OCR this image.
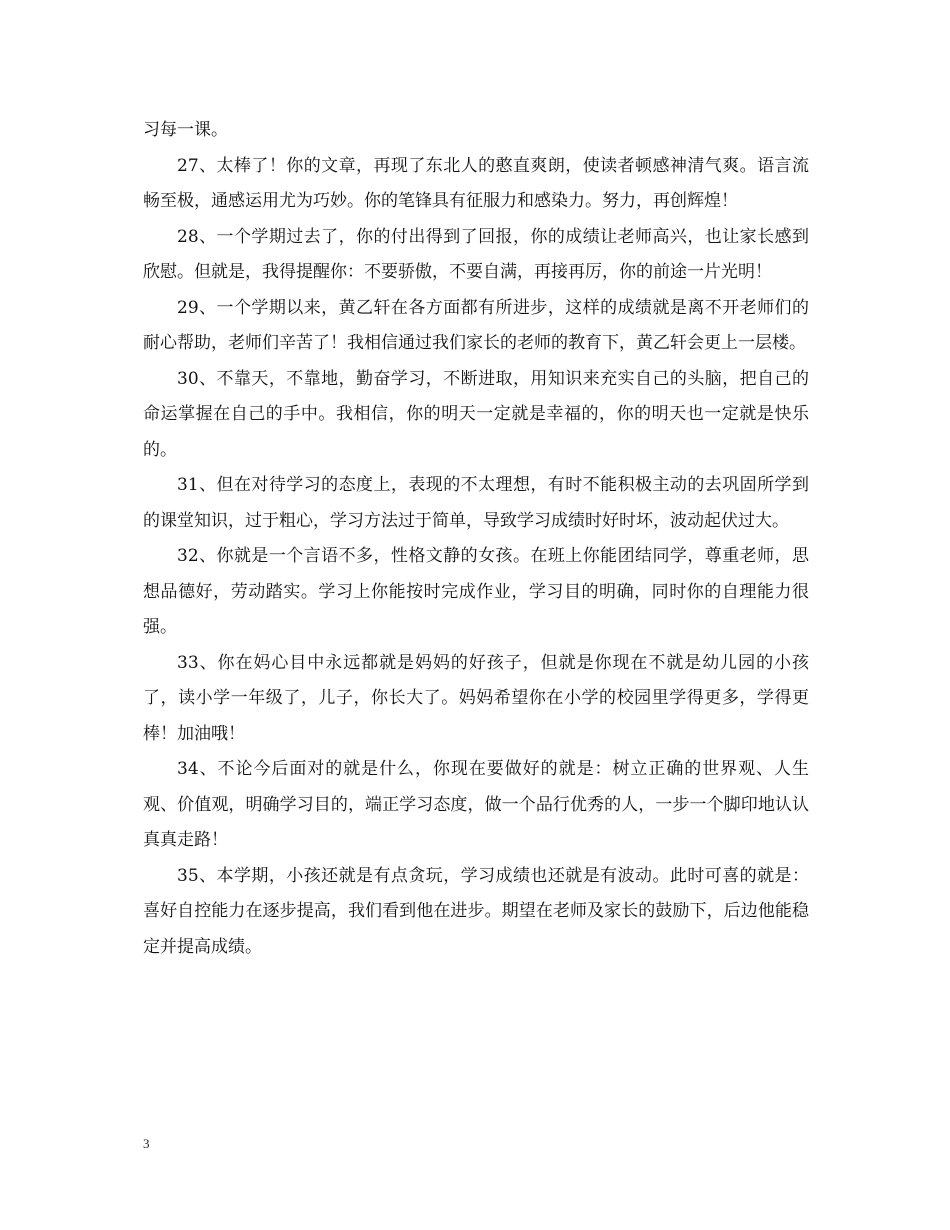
习每一课。

27、太棒了！你的文章，再现了东北人的憨直爽朗，使读者顿感神清气爽。语言流畅至极，通感运用尤为巧妙。你的笔锋具有征服力和感染力。努力，再创辉煌！

28、一个学期过去了，你的付出得到了回报，你的成绩让老师高兴，也让家长感到欣慰。但就是，我得提醒你：不要骄傲，不要自满，再接再厉，你的前途一片光明！

29、一个学期以来，黄乙轩在各方面都有所进步，这样的成绩就是离不开老师们的耐心帮助，老师们辛苦了！我相信通过我们家长的老师的教育下，黄乙轩会更上一层楼。

30、不靠天，不靠地，勤奋学习，不断进取，用知识来充实自己的头脑，把自己的命运掌握在自己的手中。我相信，你的明天一定就是幸福的，你的明天也一定就是快乐的。

31、但在对待学习的态度上，表现的不太理想，有时不能积极主动的去巩固所学到的课堂知识，过于粗心，学习方法过于简单，导致学习成绩时好时坏，波动起伏过大。

32、你就是一个言语不多，性格文静的女孩。在班上你能团结同学，尊重老师，思想品德好，劳动踏实。学习上你能按时完成作业，学习目的明确，同时你的自理能力很强。

33、你在妈心目中永远都就是妈妈的好孩子，但就是你现在不就是幼儿园的小孩了，读小学一年级了，儿子，你长大了。妈妈希望你在小学的校园里学得更多，学得更棒！加油哦！

34、不论今后面对的就是什么，你现在要做好的就是：树立正确的世界观、人生观、价值观，明确学习目的，端正学习态度，做一个品行优秀的人，一步一个脚印地认认真真走路！

35、本学期，小孩还就是有点贪玩，学习成绩也还就是有波动。此时可喜的就是：喜好自控能力在逐步提高，我们看到他在进步。期望在老师及家长的鼓励下，后边他能稳定并提高成绩。

3
